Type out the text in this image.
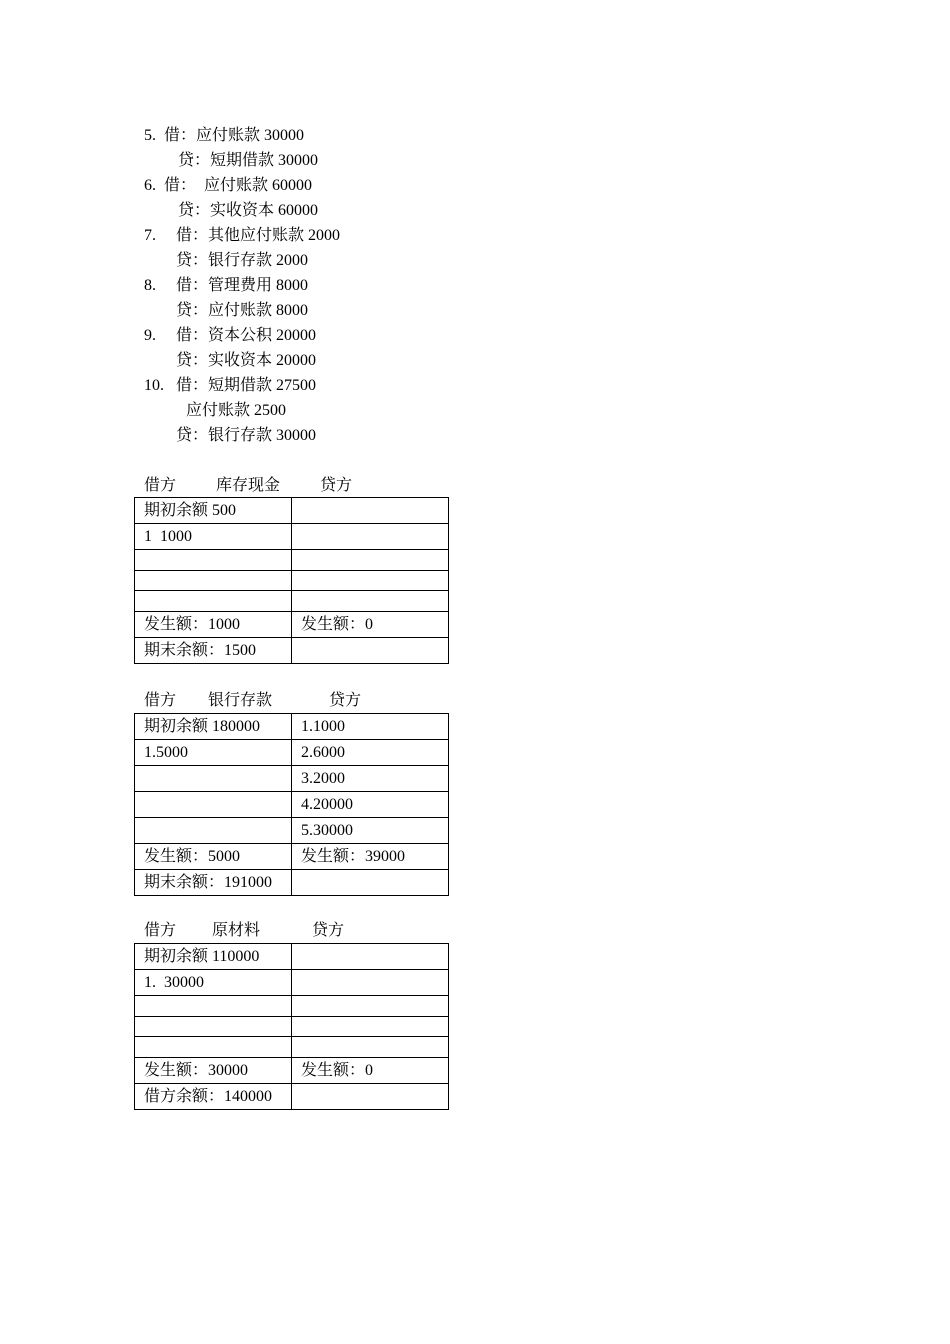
5.  借：应付账款 30000
贷：短期借款 30000
6.  借：  应付账款 60000
贷：实收资本 60000
7. 借：其他应付账款 2000
贷：银行存款 2000
8. 借：管理费用 8000
贷：应付账款 8000
9. 借：资本公积 20000
贷：实收资本 20000
10. 借：短期借款 27500
应付账款 2500
贷：银行存款 30000
借方 库存现金 贷方
期初余额 500	
1  1000	

发生额：1000	发生额：0
期末余额：1500	
借方 银行存款	贷方
期初余额 180000	1.1000
1.5000	2.6000
	3.2000
	4.20000
	5.30000
发生额：5000	发生额：39000
期末余额：191000	
借方 原材料	贷方
期初余额 110000	
1.  30000	

发生额：30000	发生额：0
借方余额：140000	
